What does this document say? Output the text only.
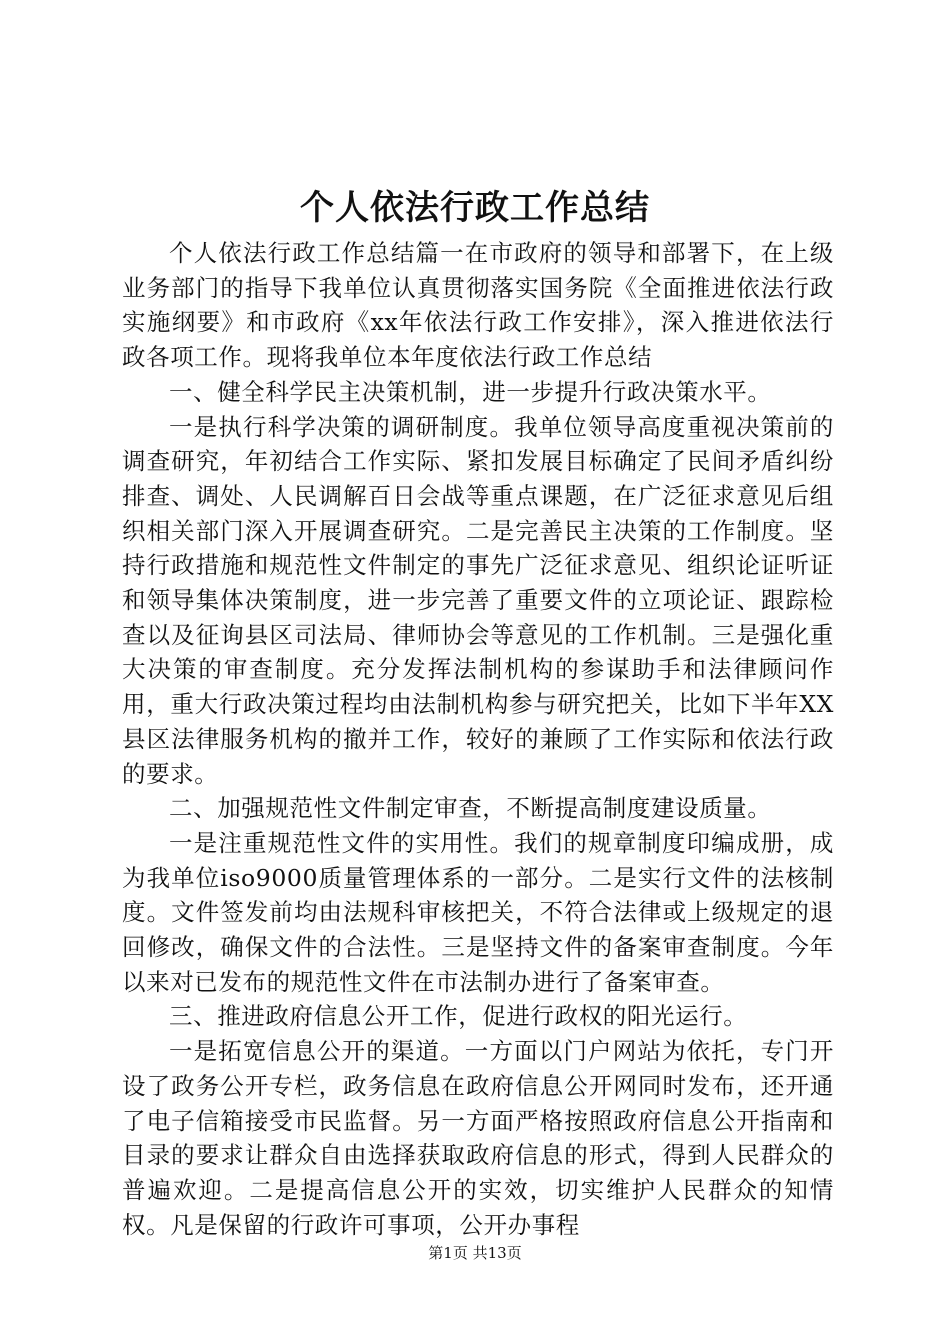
个人依法行政工作总结

个人依法行政工作总结篇一在市政府的领导和部署下，在上级业务部门的指导下我单位认真贯彻落实国务院《全面推进依法行政实施纲要》和市政府《xx年依法行政工作安排》，深入推进依法行政各项工作。现将我单位本年度依法行政工作总结

一、健全科学民主决策机制，进一步提升行政决策水平。

一是执行科学决策的调研制度。我单位领导高度重视决策前的调查研究，年初结合工作实际、紧扣发展目标确定了民间矛盾纠纷排查、调处、人民调解百日会战等重点课题，在广泛征求意见后组织相关部门深入开展调查研究。二是完善民主决策的工作制度。坚持行政措施和规范性文件制定的事先广泛征求意见、组织论证听证和领导集体决策制度，进一步完善了重要文件的立项论证、跟踪检查以及征询县区司法局、律师协会等意见的工作机制。三是强化重大决策的审查制度。充分发挥法制机构的参谋助手和法律顾问作用，重大行政决策过程均由法制机构参与研究把关，比如下半年XX县区法律服务机构的撤并工作，较好的兼顾了工作实际和依法行政的要求。

二、加强规范性文件制定审查，不断提高制度建设质量。

一是注重规范性文件的实用性。我们的规章制度印编成册，成为我单位iso9000质量管理体系的一部分。二是实行文件的法核制度。文件签发前均由法规科审核把关，不符合法律或上级规定的退回修改，确保文件的合法性。三是坚持文件的备案审查制度。今年以来对已发布的规范性文件在市法制办进行了备案审查。

三、推进政府信息公开工作，促进行政权的阳光运行。

一是拓宽信息公开的渠道。一方面以门户网站为依托，专门开设了政务公开专栏，政务信息在政府信息公开网同时发布，还开通了电子信箱接受市民监督。另一方面严格按照政府信息公开指南和目录的要求让群众自由选择获取政府信息的形式，得到人民群众的普遍欢迎。二是提高信息公开的实效，切实维护人民群众的知情权。凡是保留的行政许可事项，公开办事程

第1页 共13页
